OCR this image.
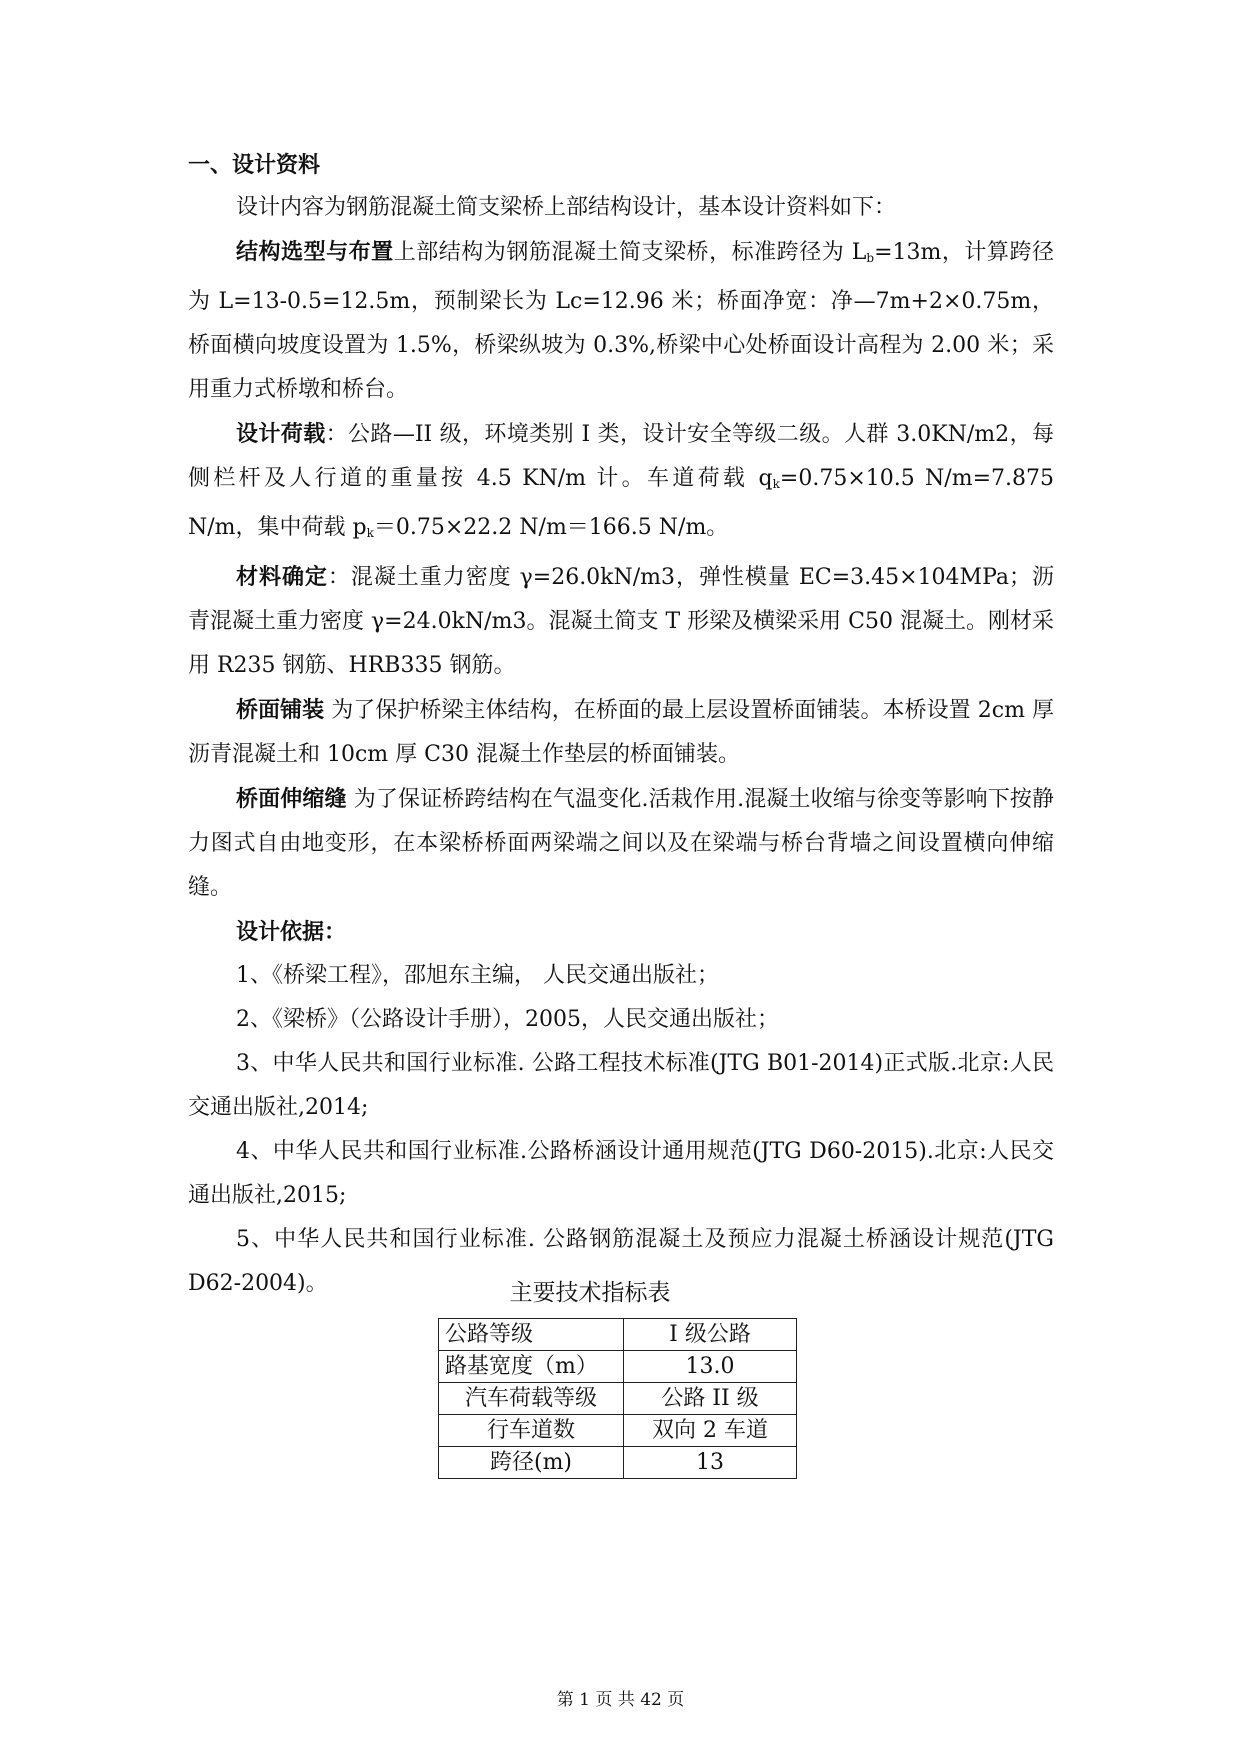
一、设计资料

设计内容为钢筋混凝土简支梁桥上部结构设计，基本设计资料如下：

结构选型与布置上部结构为钢筋混凝土简支梁桥，标准跨径为 $L_b=13m$，计算跨径为 L=13-0.5=12.5m，预制梁长为 Lc=12.96 米；桥面净宽：净—7m+2×0.75m，桥面横向坡度设置为 1.5%，桥梁纵坡为 0.3%,桥梁中心处桥面设计高程为 2.00 米；采用重力式桥墩和桥台。

设计荷载：公路—II 级，环境类别 I 类，设计安全等级二级。人群 3.0KN/m2，每侧栏杆及人行道的重量按 4.5 KN/m 计。车道荷载 $q_k=0.75\times 10.5$ N/m=7.875 N/m，集中荷载 $p_k=0.75\times 22.2$ N/m＝166.5 N/m。

材料确定：混凝土重力密度 γ=26.0kN/m3，弹性模量 EC=3.45×104MPa；沥青混凝土重力密度 γ=24.0kN/m3。混凝土简支 T 形梁及横梁采用 C50 混凝土。刚材采用 R235 钢筋、HRB335 钢筋。

桥面铺装 为了保护桥梁主体结构，在桥面的最上层设置桥面铺装。本桥设置 2cm 厚沥青混凝土和 10cm 厚 C30 混凝土作垫层的桥面铺装。

桥面伸缩缝 为了保证桥跨结构在气温变化.活栽作用.混凝土收缩与徐变等影响下按静力图式自由地变形，在本梁桥桥面两梁端之间以及在梁端与桥台背墙之间设置横向伸缩缝。

设计依据：

1、《桥梁工程》，邵旭东主编， 人民交通出版社；

2、《梁桥》（公路设计手册），2005，人民交通出版社；

3、中华人民共和国行业标准. 公路工程技术标准(JTG B01-2014)正式版.北京:人民交通出版社,2014;

4、中华人民共和国行业标准.公路桥涵设计通用规范(JTG D60-2015).北京:人民交通出版社,2015;

5、中华人民共和国行业标准. 公路钢筋混凝土及预应力混凝土桥涵设计规范(JTG D62-2004)。	主要技术指标表
公路等级	I 级公路
路基宽度（m）	13.0
汽车荷载等级	公路 II 级
行车道数	双向 2 车道
跨径(m)	13
第 1 页 共 42 页
